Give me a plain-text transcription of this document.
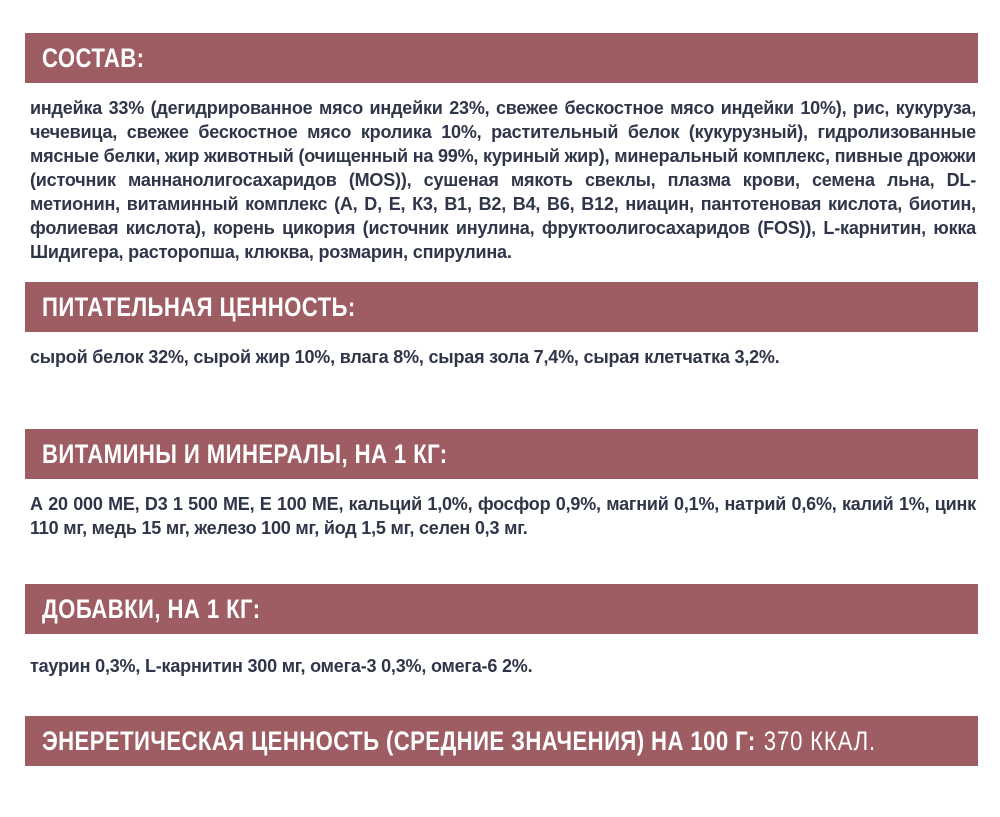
СОСТАВ:

индейка 33% (дегидрированное мясо индейки 23%, свежее бескостное мясо индейки 10%), рис, кукуруза, чечевица, свежее бескостное мясо кролика 10%, растительный белок (кукурузный), гидролизованные мясные белки, жир животный (очищенный на 99%, куриный жир), минеральный комплекс, пивные дрожжи (источник маннанолигосахаридов (MOS)), сушеная мякоть свеклы, плазма крови, семена льна, DL-метионин, витаминный комплекс (А, D, Е, К3, В1, В2, В4, В6, В12, ниацин, пантотеновая кислота, биотин, фолиевая кислота), корень цикория (источник инулина, фруктоолигосахаридов (FOS)), L-карнитин, юкка Шидигера, расторопша, клюква, розмарин, спирулина.

ПИТАТЕЛЬНАЯ ЦЕННОСТЬ:

сырой белок 32%, сырой жир 10%, влага 8%, сырая зола 7,4%, сырая клетчатка 3,2%.

ВИТАМИНЫ И МИНЕРАЛЫ, НА 1 КГ:

А 20 000 МЕ, D3 1 500 МЕ, Е 100 МЕ, кальций 1,0%, фосфор 0,9%, магний 0,1%, натрий 0,6%, калий 1%, цинк 110 мг, медь 15 мг, железо 100 мг, йод 1,5 мг, селен 0,3 мг.

ДОБАВКИ, НА 1 КГ:

таурин 0,3%, L-карнитин 300 мг, омега-3 0,3%, омега-6 2%.

ЭНЕРЕТИЧЕСКАЯ ЦЕННОСТЬ (СРЕДНИЕ ЗНАЧЕНИЯ) НА 100 Г: 370 ККАЛ.
